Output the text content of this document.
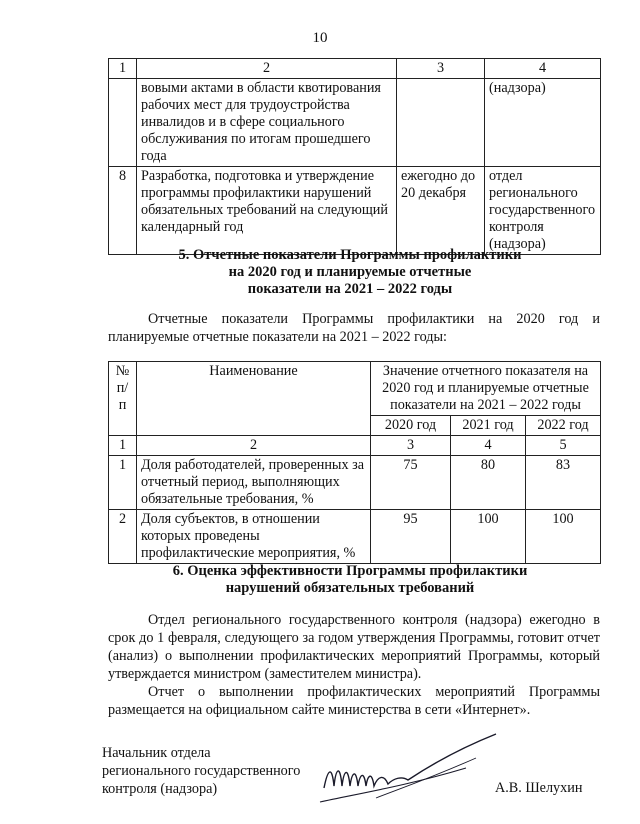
10
1	2	3	4
	вовыми актами в области квотирования рабочих мест для трудоустройства инвалидов и в сфере социального обслуживания по итогам прошедшего года		(надзора)
8	Разработка, подготовка и утверждение программы профилактики нарушений обязательных требований на следующий календарный год	ежегодно до 20 декабря	отдел регионального государственного контроля (надзора)
5. Отчетные показатели Программы профилактики
на 2020 год и планируемые отчетные
показатели на 2021 – 2022 годы

Отчетные показатели Программы профилактики на 2020 год и планируемые отчетные показатели на 2021 – 2022 годы:

№ п/п	Наименование	Значение отчетного показателя на 2020 год и планируемые отчетные показатели на 2021 – 2022 годы		
		2020 год	2021 год	2022 год
1	2	3	4	5
1	Доля работодателей, проверенных за отчетный период, выполняющих обязательные требования, %	75	80	83
2	Доля субъектов, в отношении которых проведены профилактические мероприятия, %	95	100	100
6. Оценка эффективности Программы профилактики
нарушений обязательных требований

Отдел регионального государственного контроля (надзора) ежегодно в срок до 1 февраля, следующего за годом утверждения Программы, готовит отчет (анализ) о выполнении профилактических мероприятий Программы, который утверждается министром (заместителем министра).

Отчет о выполнении профилактических мероприятий Программы размещается на официальном сайте министерства в сети «Интернет».

Начальник отдела
регионального государственного
контроля (надзора)	А.В. Шелухин
